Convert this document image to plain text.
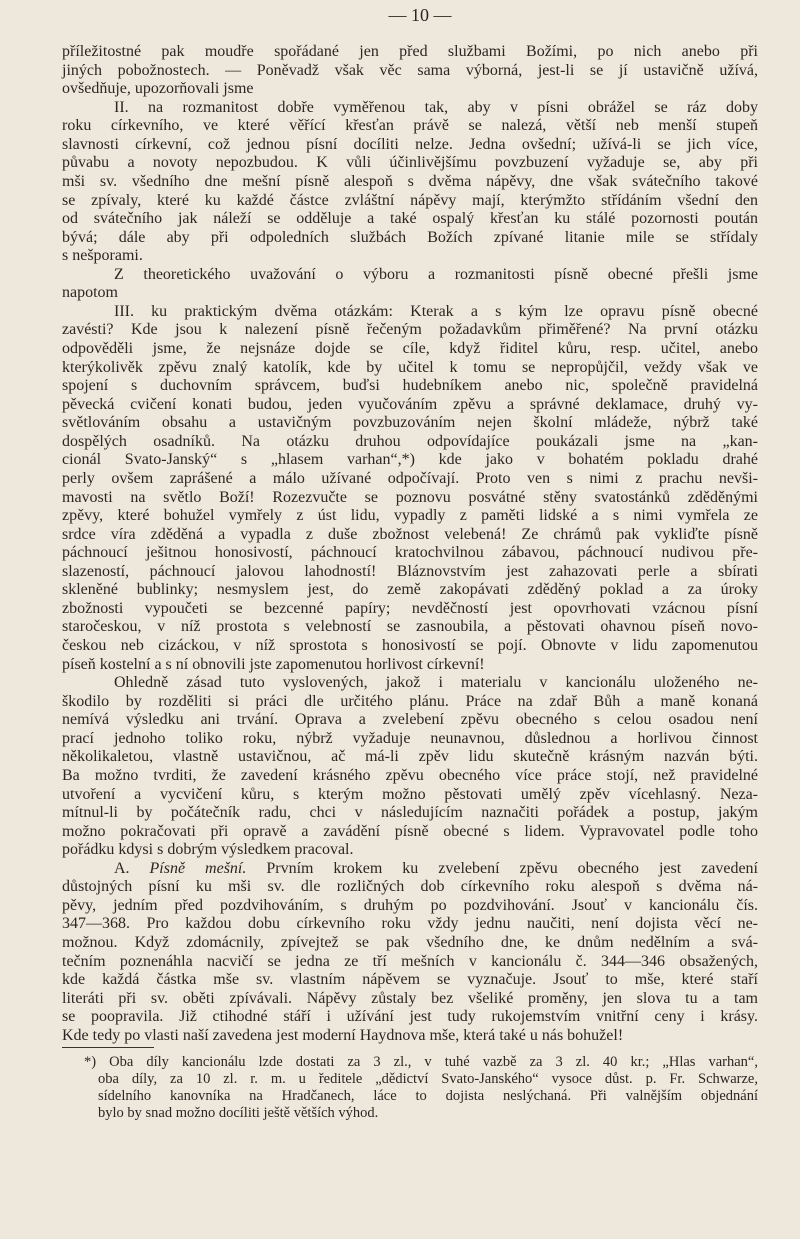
— 10 —
příležitostné pak moudře spořádané jen před službami Božími, po nich anebo při
jiných pobožnostech. — Poněvadž však věc sama výborná, jest-li se jí ustavičně užívá,
ovšedňuje, upozorňovali jsme
II. na rozmanitost dobře vyměřenou tak, aby v písni obrážel se ráz doby
roku církevního, ve které věřící křesťan právě se nalezá, větší neb menší stupeň
slavnosti církevní, což jednou písní docíliti nelze. Jedna ovšední; užívá-li se jich více,
půvabu a novoty nepozbudou. K vůli účinlivějšímu povzbuzení vyžaduje se, aby při
mši sv. všedního dne mešní písně alespoň s dvěma nápěvy, dne však svátečního takové
se zpívaly, které ku každé částce zvláštní nápěvy mají, kterýmžto střídáním všední den
od svátečního jak náleží se odděluje a také ospalý křesťan ku stálé pozornosti poután
bývá; dále aby při odpoledních službách Božích zpívané litanie mile se střídaly
s nešporami.
Z theoretického uvažování o výboru a rozmanitosti písně obecné přešli jsme
napotom
III. ku praktickým dvěma otázkám: Kterak a s kým lze opravu písně obecné
zavésti? Kde jsou k nalezení písně řečeným požadavkům přiměřené? Na první otázku
odpověděli jsme, že nejsnáze dojde se cíle, když řiditel kůru, resp. učitel, anebo
kterýkolivěk zpěvu znalý katolík, kde by učitel k tomu se nepropůjčil, veždy však ve
spojení s duchovním správcem, buďsi hudebníkem anebo nic, společně pravidelná
pěvecká cvičení konati budou, jeden vyučováním zpěvu a správné deklamace, druhý vy-
světlováním obsahu a ustavičným povzbuzováním nejen školní mládeže, nýbrž také
dospělých osadníků. Na otázku druhou odpovídajíce poukázali jsme na „kan-
cionál Svato-Janský“ s „hlasem varhan“,*) kde jako v bohatém pokladu drahé
perly ovšem zaprášené a málo užívané odpočívají. Proto ven s nimi z prachu nevši-
mavosti na světlo Boží! Rozezvučte se poznovu posvátné stěny svatostánků zděděnými
zpěvy, které bohužel vymřely z úst lidu, vypadly z paměti lidské a s nimi vymřela ze
srdce víra zděděná a vypadla z duše zbožnost velebená! Ze chrámů pak vykliďte písně
páchnoucí ješitnou honosivostí, páchnoucí kratochvilnou zábavou, páchnoucí nudivou pře-
slazeností, páchnoucí jalovou lahodností! Bláznovstvím jest zahazovati perle a sbírati
skleněné bublinky; nesmyslem jest, do země zakopávati zděděný poklad a za úroky
zbožnosti vypoučeti se bezcenné papíry; nevděčností jest opovrhovati vzácnou písní
staročeskou, v níž prostota s velebností se zasnoubila, a pěstovati ohavnou píseň novo-
českou neb cizáckou, v níž sprostota s honosivostí se pojí. Obnovte v lidu zapomenutou
píseň kostelní a s ní obnovili jste zapomenutou horlivost církevní!
Ohledně zásad tuto vyslovených, jakož i materialu v kancionálu uloženého ne-
škodilo by rozděliti si práci dle určitého plánu. Práce na zdař Bůh a maně konaná
nemívá výsledku ani trvání. Oprava a zvelebení zpěvu obecného s celou osadou není
prací jednoho toliko roku, nýbrž vyžaduje neunavnou, důslednou a horlivou činnost
několikaletou, vlastně ustavičnou, ač má-li zpěv lidu skutečně krásným nazván býti.
Ba možno tvrditi, že zavedení krásného zpěvu obecného více práce stojí, než pravidelné
utvoření a vycvičení kůru, s kterým možno pěstovati umělý zpěv vícehlasný. Neza-
mítnul-li by počátečník radu, chci v následujícím naznačiti pořádek a postup, jakým
možno pokračovati při opravě a zavádění písně obecné s lidem. Vypravovatel podle toho
pořádku kdysi s dobrým výsledkem pracoval.
A. Písně mešní. Prvním krokem ku zvelebení zpěvu obecného jest zavedení
důstojných písní ku mši sv. dle rozličných dob církevního roku alespoň s dvěma ná-
pěvy, jedním před pozdvihováním, s druhým po pozdvihování. Jsouť v kancionálu čís.
347—368. Pro každou dobu církevního roku vždy jednu naučiti, není dojista věcí ne-
možnou. Když zdomácnily, zpívejtež se pak všedního dne, ke dnům nedělním a svá-
tečním poznenáhla nacvičí se jedna ze tří mešních v kancionálu č. 344—346 obsažených,
kde každá částka mše sv. vlastním nápěvem se vyznačuje. Jsouť to mše, které staří
literáti při sv. oběti zpívávali. Nápěvy zůstaly bez všeliké proměny, jen slova tu a tam
se poopravila. Již ctihodné stáří i užívání jest tudy rukojemstvím vnitřní ceny i krásy.
Kde tedy po vlasti naší zavedena jest moderní Haydnova mše, která také u nás bohužel!
*) Oba díly kancionálu lzde dostati za 3 zl., v tuhé vazbě za 3 zl. 40 kr.; „Hlas varhan“,
oba díly, za 10 zl. r. m. u ředitele „dědictví Svato-Janského“ vysoce důst. p. Fr. Schwarze,
sídelního kanovníka na Hradčanech, láce to dojista neslýchaná. Při valnějším objednání
bylo by snad možno docíliti ještě větších výhod.
